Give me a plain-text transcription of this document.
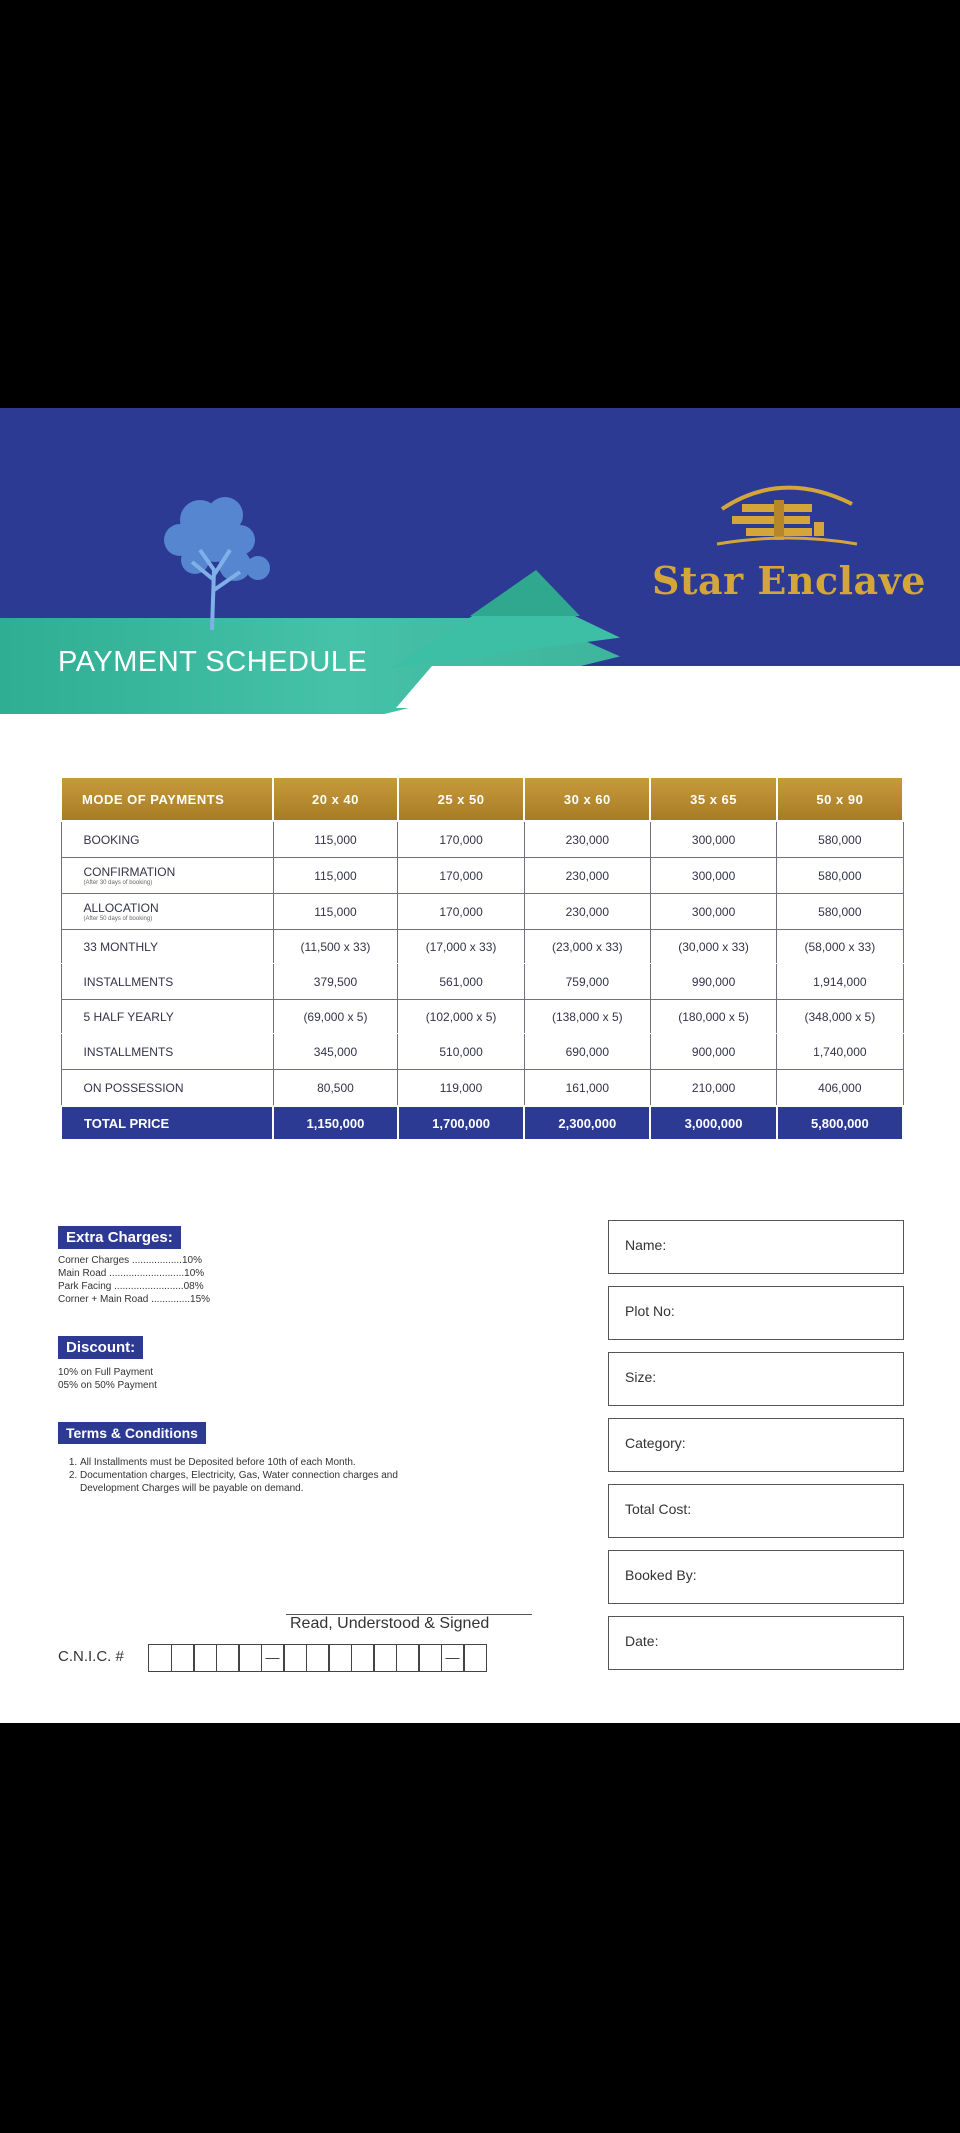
Star Enclave
PAYMENT SCHEDULE
MODE OF PAYMENTS	20 x 40	25 x 50	30 x 60	35 x 65	50 x 90
BOOKING	115,000	170,000	230,000	300,000	580,000
CONFIRMATION
(After 30 days of booking)	115,000	170,000	230,000	300,000	580,000
ALLOCATION
(After 50 days of booking)	115,000	170,000	230,000	300,000	580,000
33 MONTHLY	(11,500 x 33)	(17,000 x 33)	(23,000 x 33)	(30,000 x 33)	(58,000 x 33)
INSTALLMENTS	379,500	561,000	759,000	990,000	1,914,000
5 HALF YEARLY	(69,000 x 5)	(102,000 x 5)	(138,000 x 5)	(180,000 x 5)	(348,000 x 5)
INSTALLMENTS	345,000	510,000	690,000	900,000	1,740,000
ON POSSESSION	80,500	119,000	161,000	210,000	406,000
TOTAL PRICE	1,150,000	1,700,000	2,300,000	3,000,000	5,800,000
Extra Charges:
Corner Charges ..................10%
Main Road ...........................10%
Park Facing .........................08%
Corner + Main Road ..............15%
Discount:
10% on Full Payment
05% on 50% Payment
Terms & Conditions
1. All Installments must be Deposited before 10th of each Month.
2. Documentation charges, Electricity, Gas, Water connection charges and Development Charges will be payable on demand.
Name:
Plot No:
Size:
Category:
Total Cost:
Booked By:
Date:
Read, Understood & Signed
C.N.I.C. #	—	—
